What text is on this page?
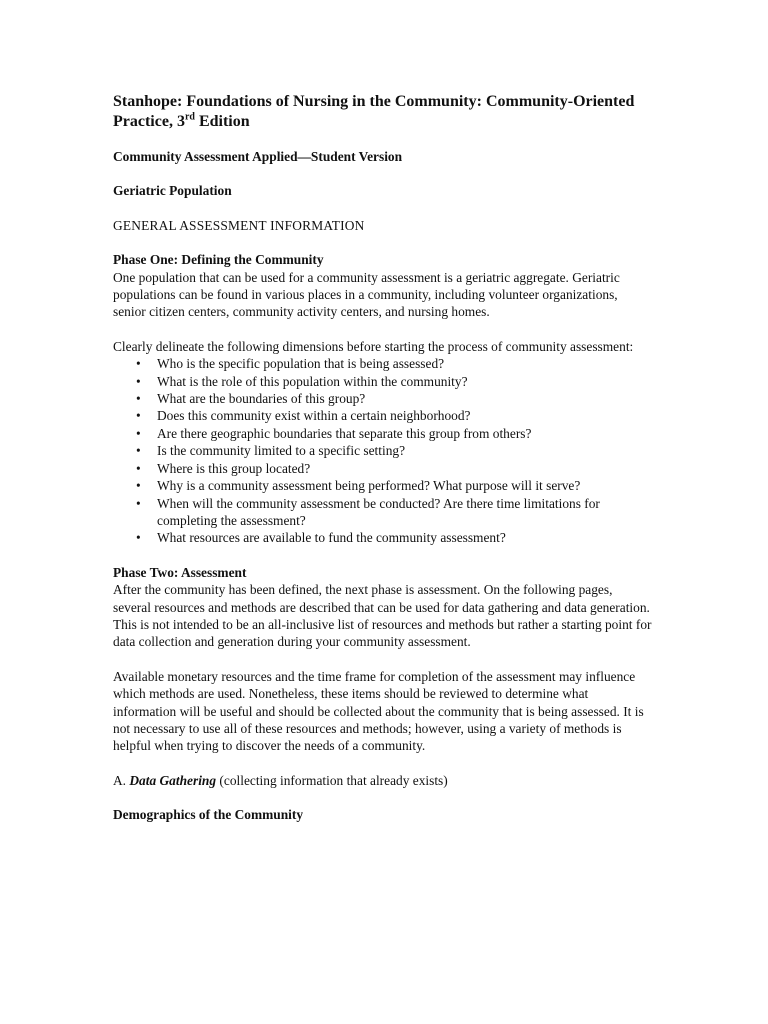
Stanhope: Foundations of Nursing in the Community: Community-Oriented Practice, 3rd Edition
Community Assessment Applied—Student Version
Geriatric Population
GENERAL ASSESSMENT INFORMATION
Phase One: Defining the Community

One population that can be used for a community assessment is a geriatric aggregate. Geriatric populations can be found in various places in a community, including volunteer organizations, senior citizen centers, community activity centers, and nursing homes.

Clearly delineate the following dimensions before starting the process of community assessment:
• Who is the specific population that is being assessed?
• What is the role of this population within the community?
• What are the boundaries of this group?
• Does this community exist within a certain neighborhood?
• Are there geographic boundaries that separate this group from others?
• Is the community limited to a specific setting?
• Where is this group located?
• Why is a community assessment being performed? What purpose will it serve?
• When will the community assessment be conducted? Are there time limitations for completing the assessment?
• What resources are available to fund the community assessment?
Phase Two: Assessment

After the community has been defined, the next phase is assessment. On the following pages, several resources and methods are described that can be used for data gathering and data generation. This is not intended to be an all-inclusive list of resources and methods but rather a starting point for data collection and generation during your community assessment.

Available monetary resources and the time frame for completion of the assessment may influence which methods are used. Nonetheless, these items should be reviewed to determine what information will be useful and should be collected about the community that is being assessed. It is not necessary to use all of these resources and methods; however, using a variety of methods is helpful when trying to discover the needs of a community.

A. Data Gathering (collecting information that already exists)
Demographics of the Community
